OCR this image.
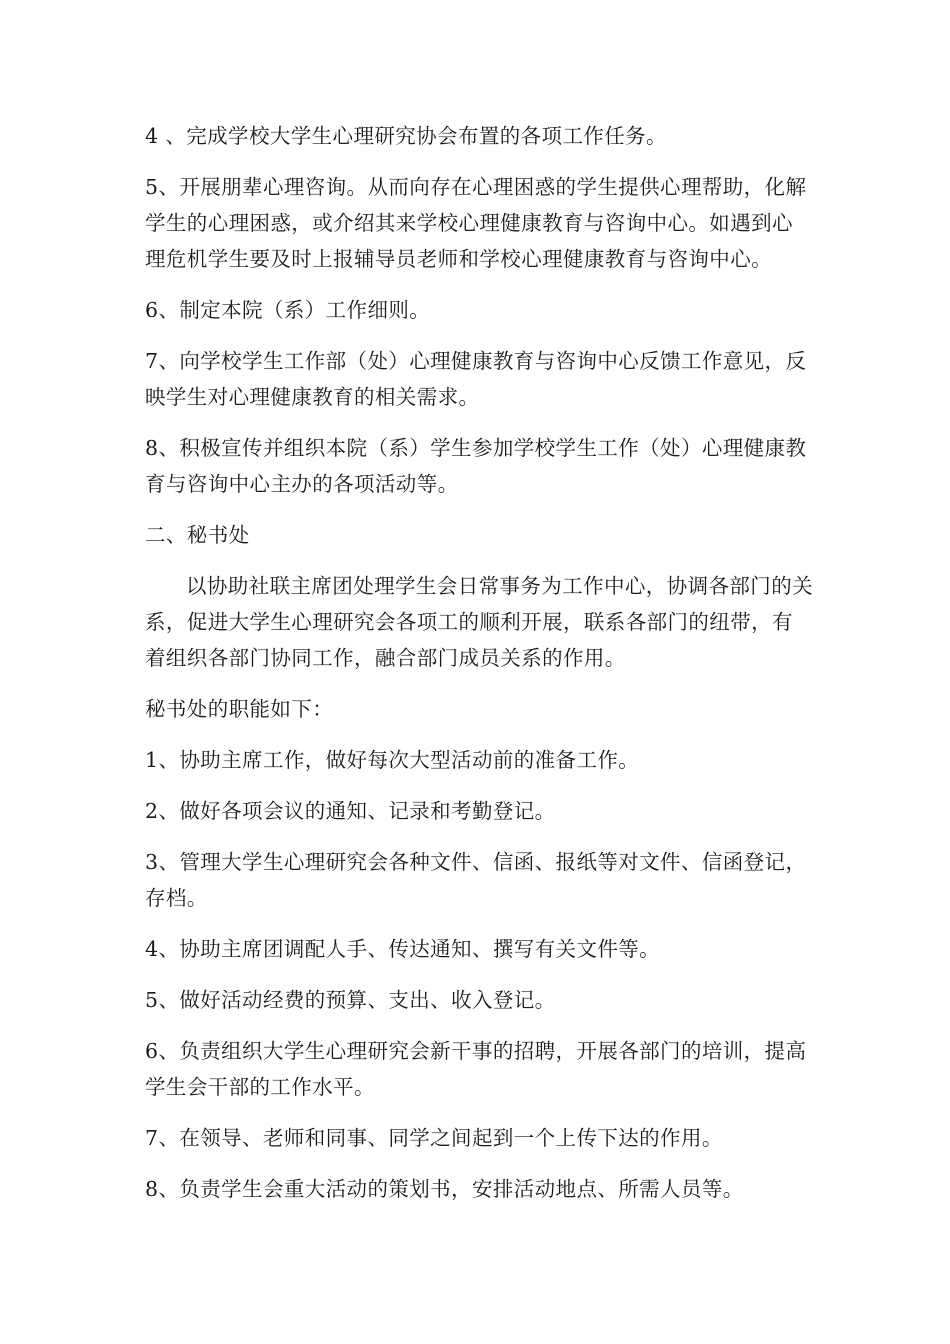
4 、完成学校大学生心理研究协会布置的各项工作任务。

5、开展朋辈心理咨询。从而向存在心理困惑的学生提供心理帮助，化解学生的心理困惑，或介绍其来学校心理健康教育与咨询中心。如遇到心理危机学生要及时上报辅导员老师和学校心理健康教育与咨询中心。

6、制定本院（系）工作细则。

7、向学校学生工作部（处）心理健康教育与咨询中心反馈工作意见，反映学生对心理健康教育的相关需求。

8、积极宣传并组织本院（系）学生参加学校学生工作（处）心理健康教育与咨询中心主办的各项活动等。

二、秘书处

以协助社联主席团处理学生会日常事务为工作中心，协调各部门的关系，促进大学生心理研究会各项工的顺利开展，联系各部门的纽带，有着组织各部门协同工作，融合部门成员关系的作用。

秘书处的职能如下：

1、协助主席工作，做好每次大型活动前的准备工作。

2、做好各项会议的通知、记录和考勤登记。

3、管理大学生心理研究会各种文件、信函、报纸等对文件、信函登记，存档。

4、协助主席团调配人手、传达通知、撰写有关文件等。

5、做好活动经费的预算、支出、收入登记。

6、负责组织大学生心理研究会新干事的招聘，开展各部门的培训，提高学生会干部的工作水平。

7、在领导、老师和同事、同学之间起到一个上传下达的作用。

8、负责学生会重大活动的策划书，安排活动地点、所需人员等。
